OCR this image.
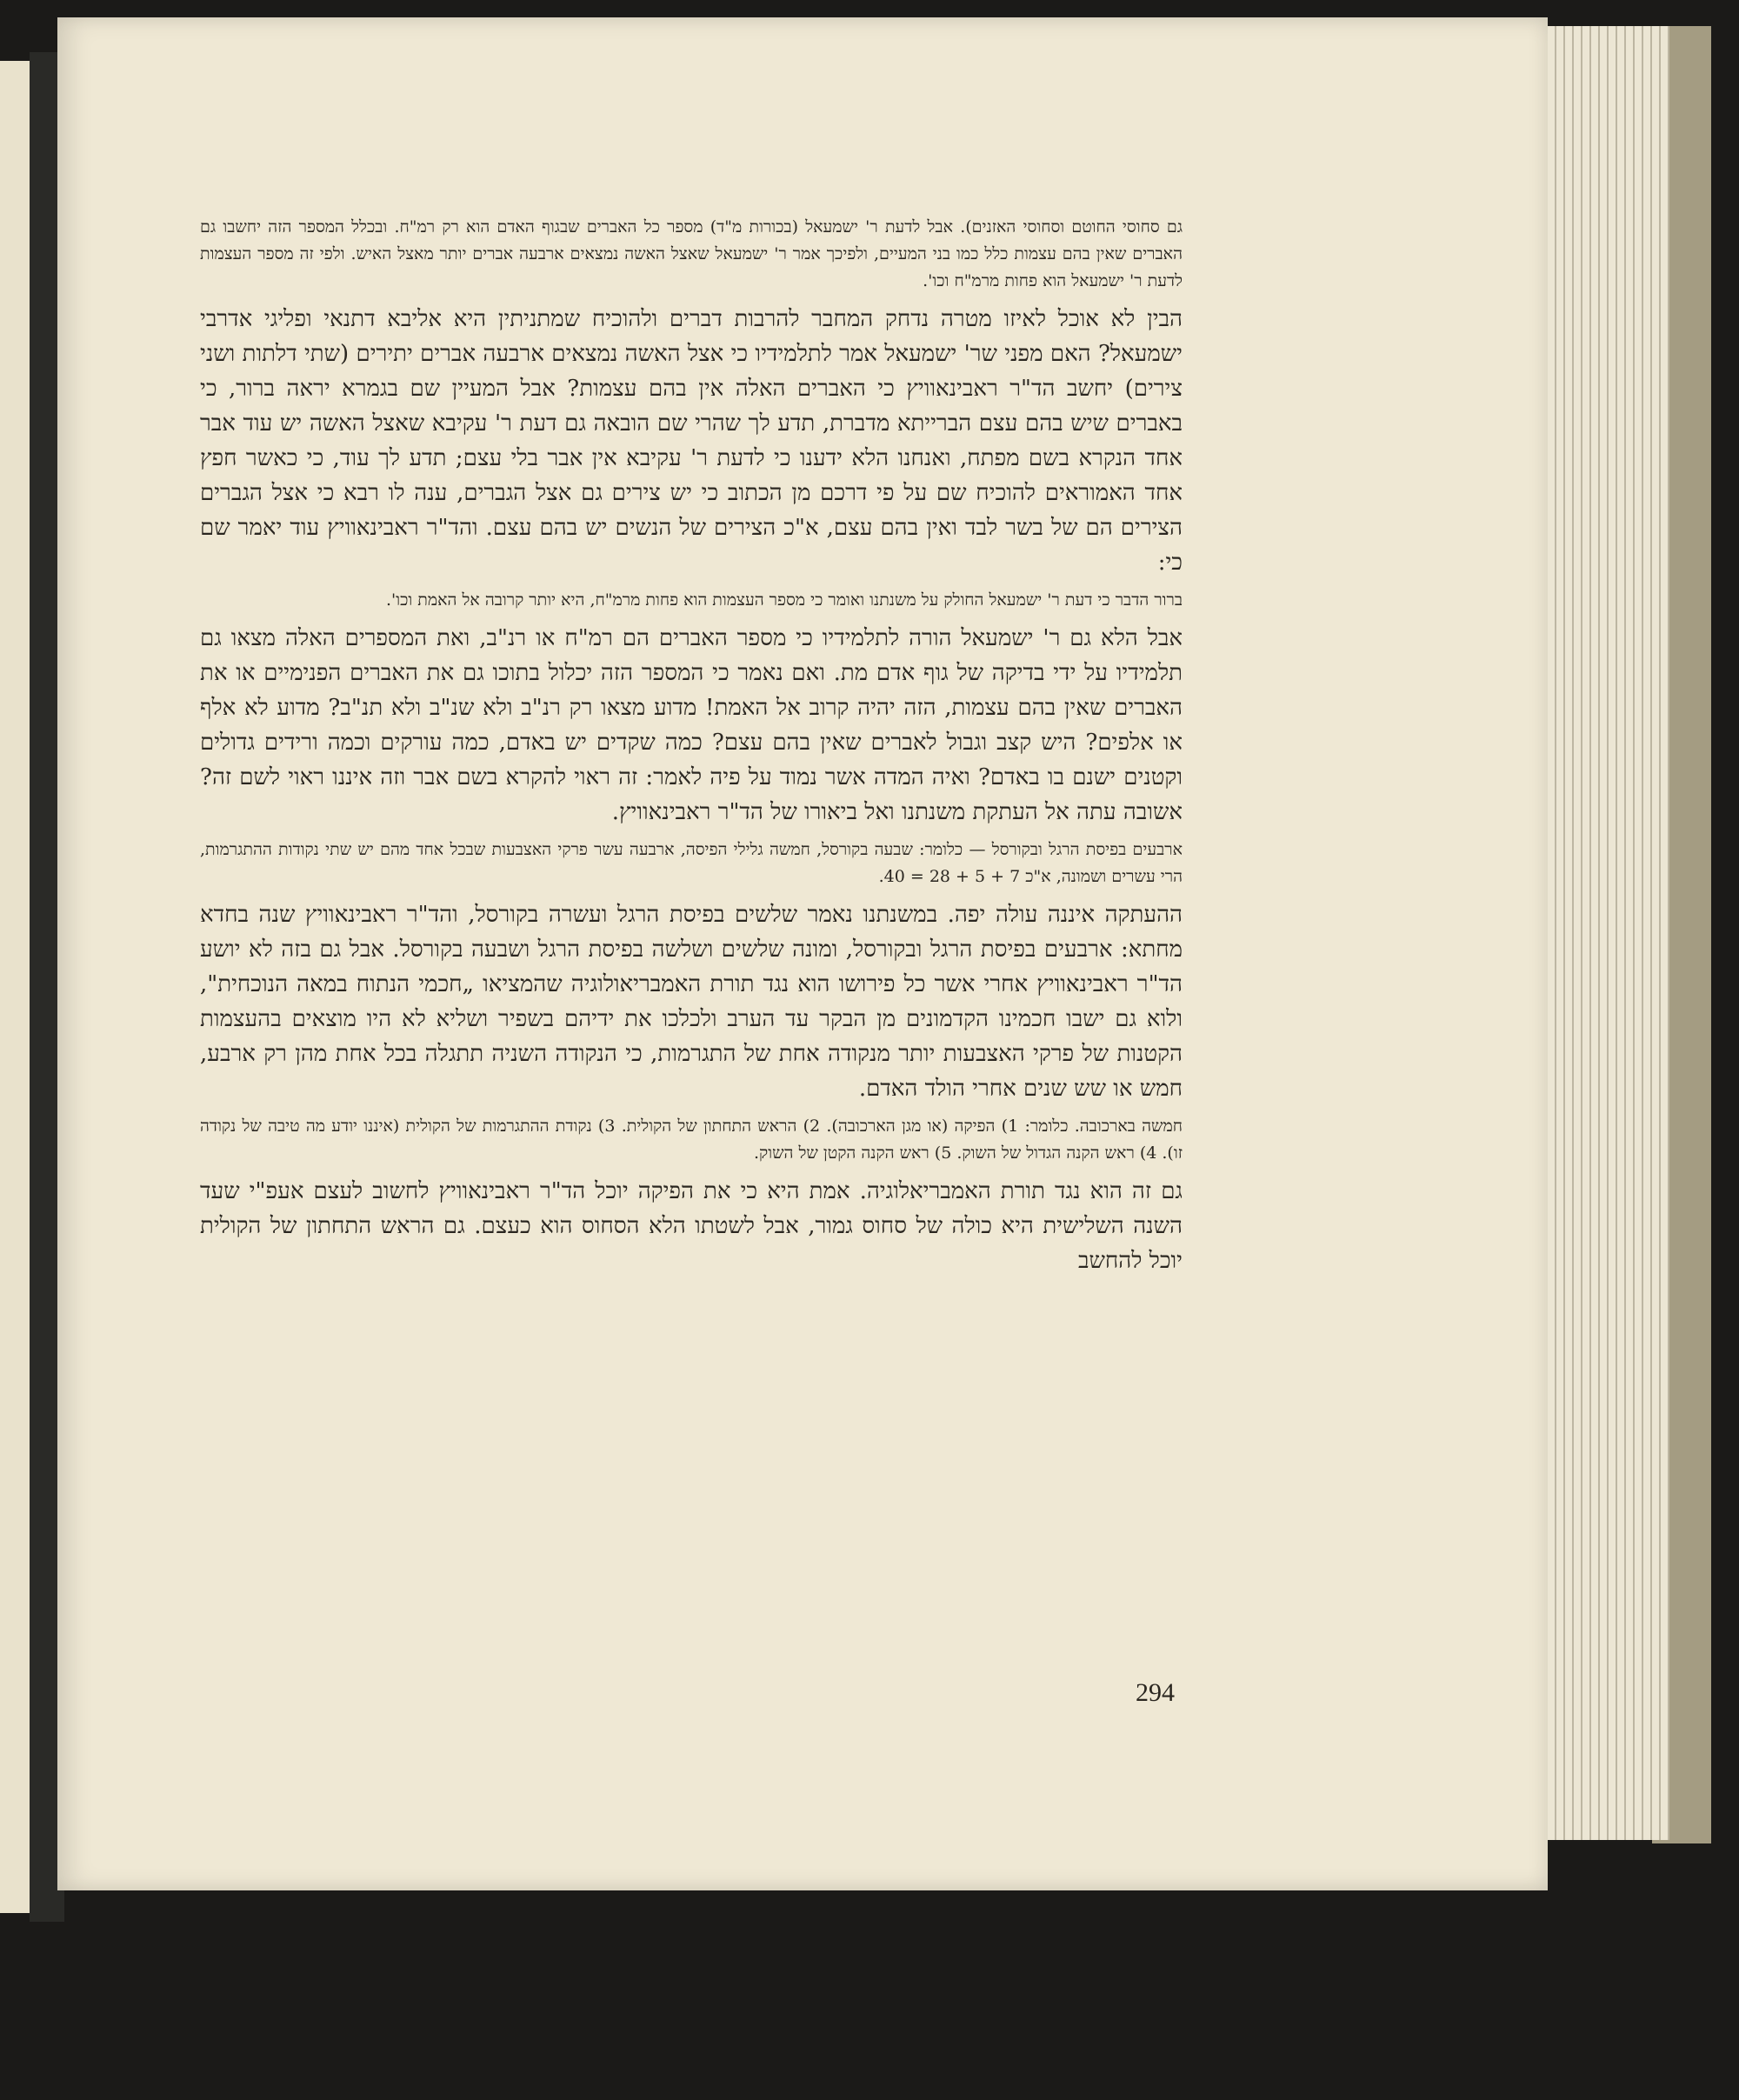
גם סחוסי החוטם וסחוסי האזנים). אבל לדעת ר' ישמעאל (בכורות מ"ד) מספר כל האברים שבגוף האדם הוא רק רמ"ח. ובכלל המספר הזה יחשבו גם האברים שאין בהם עצמות כלל כמו בני המעיים, ולפיכך אמר ר' ישמעאל שאצל האשה נמצאים ארבעה אברים יותר מאצל האיש. ולפי זה מספר העצמות לדעת ר' ישמעאל הוא פחות מרמ"ח וכו'.

הבין לא אוכל לאיזו מטרה נדחק המחבר להרבות דברים ולהוכיח שמתניתין היא אליבא דתנאי ופליגי אדרבי ישמעאל? האם מפני שר' ישמעאל אמר לתלמידיו כי אצל האשה נמצאים ארבעה אברים יתירים (שתי דלתות ושני צירים) יחשב הד"ר ראבינאוויץ כי האברים האלה אין בהם עצמות? אבל המעיין שם בגמרא יראה ברור, כי באברים שיש בהם עצם הברייתא מדברת, תדע לך שהרי שם הובאה גם דעת ר' עקיבא שאצל האשה יש עוד אבר אחד הנקרא בשם מפתח, ואנחנו הלא ידענו כי לדעת ר' עקיבא אין אבר בלי עצם; תדע לך עוד, כי כאשר חפץ אחד האמוראים להוכיח שם על פי דרכם מן הכתוב כי יש צירים גם אצל הגברים, ענה לו רבא כי אצל הגברים הצירים הם של בשר לבד ואין בהם עצם, א"כ הצירים של הנשים יש בהם עצם. והד"ר ראבינאוויץ עוד יאמר שם כי:

ברור הדבר כי דעת ר' ישמעאל החולק על משנתנו ואומר כי מספר העצמות הוא פחות מרמ"ח, היא יותר קרובה אל האמת וכו'.

אבל הלא גם ר' ישמעאל הורה לתלמידיו כי מספר האברים הם רמ"ח או רנ"ב, ואת המספרים האלה מצאו גם תלמידיו על ידי בדיקה של גוף אדם מת. ואם נאמר כי המספר הזה יכלול בתוכו גם את האברים הפנימיים או את האברים שאין בהם עצמות, הזה יהיה קרוב אל האמת! מדוע מצאו רק רנ"ב ולא שנ"ב ולא תנ"ב? מדוע לא אלף או אלפים? היש קצב וגבול לאברים שאין בהם עצם? כמה שקדים יש באדם, כמה עורקים וכמה ורידים גדולים וקטנים ישנם בו באדם? ואיה המדה אשר נמוד על פיה לאמר: זה ראוי להקרא בשם אבר וזה איננו ראוי לשם זה? אשובה עתה אל העתקת משנתנו ואל ביאורו של הד"ר ראבינאוויץ.

ארבעים בפיסת הרגל ובקורסל — כלומר: שבעה בקורסל, חמשה גלילי הפיסה, ארבעה עשר פרקי האצבעות שבכל אחד מהם יש שתי נקודות ההתגרמות, הרי עשרים ושמונה, א"כ 7 + 5 + 28 = 40.

ההעתקה איננה עולה יפה. במשנתנו נאמר שלשים בפיסת הרגל ועשרה בקורסל, והד"ר ראבינאוויץ שנה בחדא מחתא: ארבעים בפיסת הרגל ובקורסל, ומונה שלשים ושלשה בפיסת הרגל ושבעה בקורסל. אבל גם בזה לא יושע הד"ר ראבינאוויץ אחרי אשר כל פירושו הוא נגד תורת האמבריאולוגיה שהמציאו „חכמי הנתוח במאה הנוכחית", ולוא גם ישבו חכמינו הקדמונים מן הבקר עד הערב ולכלכו את ידיהם בשפיר ושליא לא היו מוצאים בהעצמות הקטנות של פרקי האצבעות יותר מנקודה אחת של התגרמות, כי הנקודה השניה תתגלה בכל אחת מהן רק ארבע, חמש או שש שנים אחרי הולד האדם.

חמשה בארכובה. כלומר: 1) הפיקה (או מגן הארכובה). 2) הראש התחתון של הקולית. 3) נקודת ההתגרמות של הקולית (איננו יודע מה טיבה של נקודה זו). 4) ראש הקנה הגדול של השוק. 5) ראש הקנה הקטן של השוק.

גם זה הוא נגד תורת האמבריאלוגיה. אמת היא כי את הפיקה יוכל הד"ר ראבינאוויץ לחשוב לעצם אעפ"י שעד השנה השלישית היא כולה של סחוס גמור, אבל לשטתו הלא הסחוס הוא כעצם. גם הראש התחתון של הקולית יוכל להחשב

294
